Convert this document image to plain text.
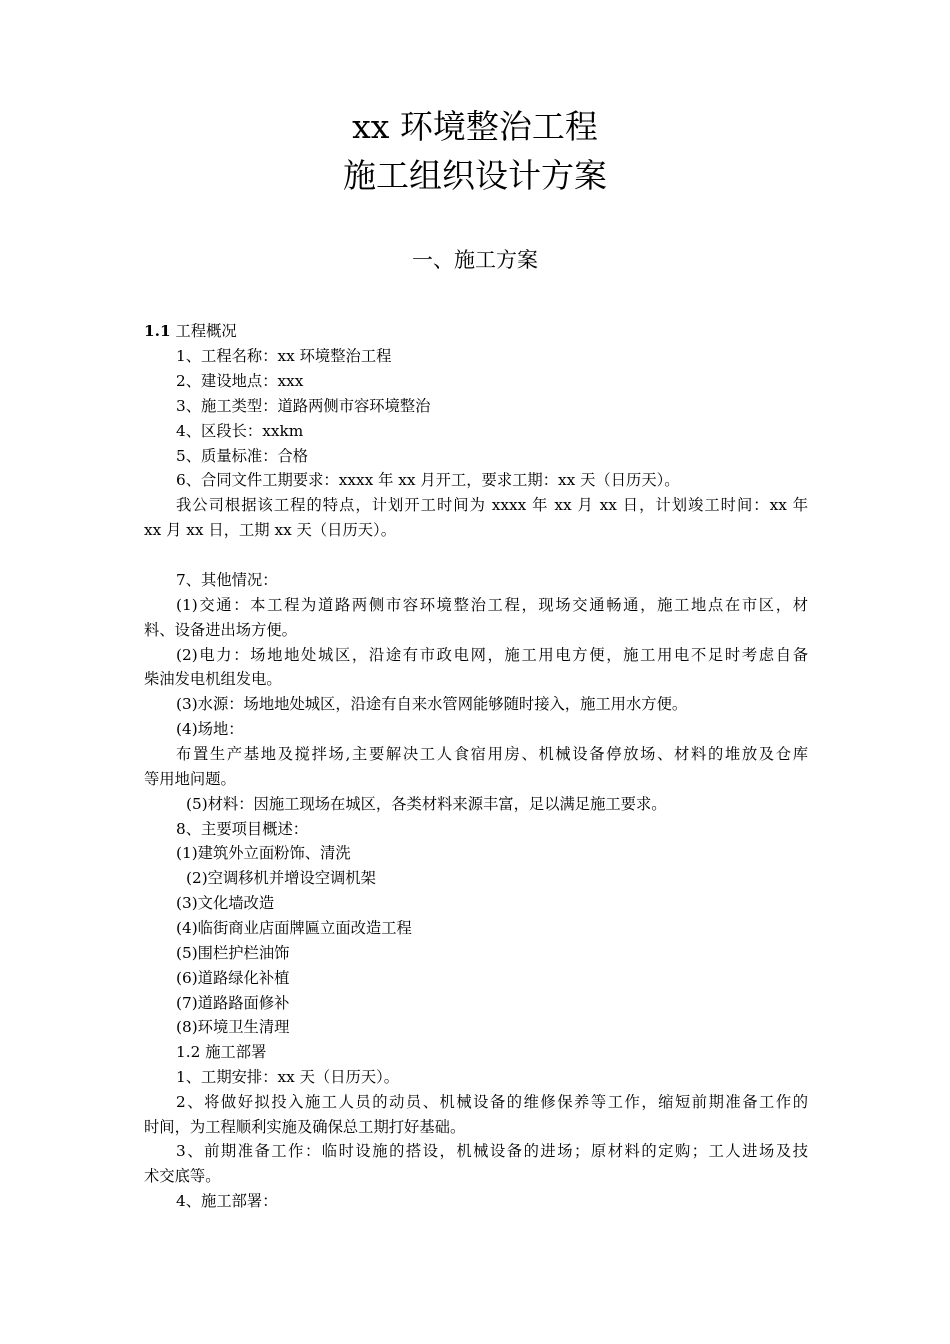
xx 环境整治工程
施工组织设计方案
一、施工方案
1.1 工程概况
1、工程名称：xx 环境整治工程
2、建设地点：xxx
3、施工类型：道路两侧市容环境整治
4、区段长：xxkm
5、质量标准：合格
6、合同文件工期要求：xxxx 年 xx 月开工，要求工期：xx 天（日历天）。
我公司根据该工程的特点，计划开工时间为 xxxx 年 xx 月 xx 日，计划竣工时间：xx 年
xx 月 xx 日，工期 xx 天（日历天）。
7、其他情况：
(1)交通：本工程为道路两侧市容环境整治工程，现场交通畅通，施工地点在市区，材
料、设备进出场方便。
(2)电力：场地地处城区，沿途有市政电网，施工用电方便，施工用电不足时考虑自备
柴油发电机组发电。
(3)水源：场地地处城区，沿途有自来水管网能够随时接入，施工用水方便。
(4)场地：
布置生产基地及搅拌场,主要解决工人食宿用房、机械设备停放场、材料的堆放及仓库
等用地问题。
(5)材料：因施工现场在城区，各类材料来源丰富，足以满足施工要求。
8、主要项目概述：
(1)建筑外立面粉饰、清洗
(2)空调移机并增设空调机架
(3)文化墙改造
(4)临街商业店面牌匾立面改造工程
(5)围栏护栏油饰
(6)道路绿化补植
(7)道路路面修补
(8)环境卫生清理
1.2 施工部署
1、工期安排：xx 天（日历天）。
2、将做好拟投入施工人员的动员、机械设备的维修保养等工作，缩短前期准备工作的
时间，为工程顺利实施及确保总工期打好基础。
3、前期准备工作：临时设施的搭设，机械设备的进场；原材料的定购；工人进场及技
术交底等。
4、施工部署：
